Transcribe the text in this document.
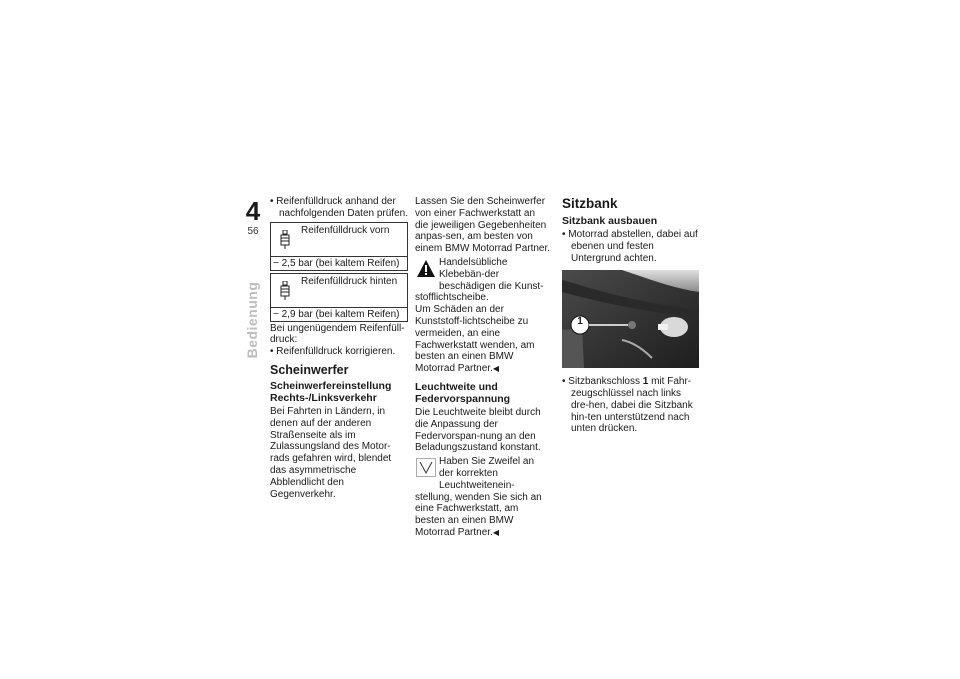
4
56
Bedienung

• Reifenfülldruck anhand der nachfolgenden Daten prüfen.

Reifenfülldruck vorn
− 2,5 bar (bei kaltem Reifen)
Reifenfülldruck hinten
− 2,9 bar (bei kaltem Reifen)

Bei ungenügendem Reifenfüll-druck:

• Reifenfülldruck korrigieren.

Scheinwerfer
Scheinwerfereinstellung Rechts-/Linksverkehr

Bei Fahrten in Ländern, in denen auf der anderen Straßenseite als im Zulassungsland des Motor-rads gefahren wird, blendet das asymmetrische Abblendlicht den Gegenverkehr.

Lassen Sie den Scheinwerfer von einer Fachwerkstatt an die jeweiligen Gegebenheiten anpas-sen, am besten von einem BMW Motorrad Partner.

Handelsübliche Klebebän-der beschädigen die Kunst-

stofflichtscheibe.

Um Schäden an der Kunststoff-lichtscheibe zu vermeiden, an eine Fachwerkstatt wenden, am besten an einen BMW Motorrad Partner.◀

Leuchtweite und Federvorspannung

Die Leuchtweite bleibt durch die Anpassung der Federvorspan-nung an den Beladungszustand konstant.

Haben Sie Zweifel an der korrekten Leuchtweitenein-

stellung, wenden Sie sich an eine Fachwerkstatt, am besten an einen BMW Motorrad Partner.◀

Sitzbank
Sitzbank ausbauen

• Motorrad abstellen, dabei auf ebenen und festen Untergrund achten.

1

• Sitzbankschloss 1 mit Fahr-zeugschlüssel nach links dre-hen, dabei die Sitzbank hin-ten unterstützend nach unten drücken.
